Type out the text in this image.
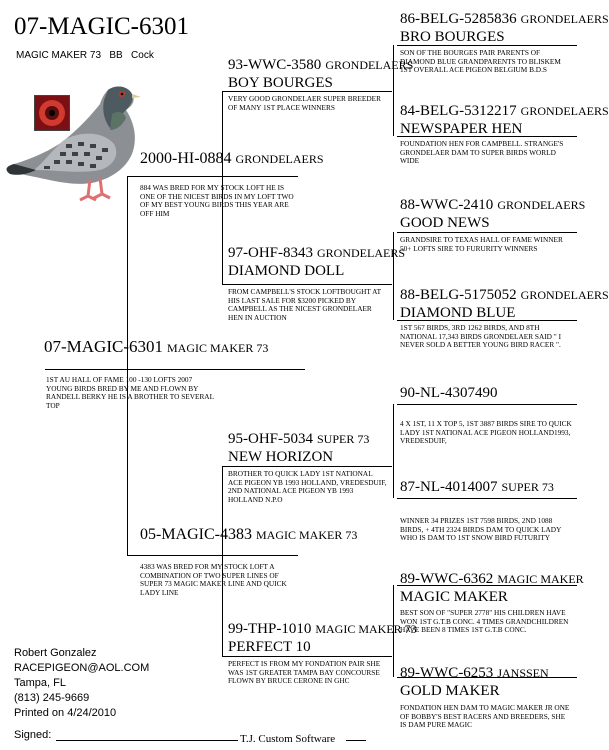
07-MAGIC-6301
MAGIC MAKER 73   BB   Cock
07-MAGIC-6301 MAGIC MAKER 73
1ST AU HALL OF FAME 100 -130 LOFTS 2007 YOUNG BIRDS BRED BY ME AND FLOWN BY RANDELL BERKY HE IS A BROTHER TO SEVERAL TOP
2000-HI-0884 GRONDELAERS
884 WAS BRED FOR MY STOCK LOFT HE IS ONE OF THE NICEST BIRDS IN MY LOFT TWO OF MY BEST YOUNG BIRDS THIS YEAR ARE OFF HIM
05-MAGIC-4383 MAGIC MAKER 73
4383 WAS BRED FOR MY STOCK LOFT A COMBINATION OF TWO SUPER LINES OF SUPER 73 MAGIC MAKER LINE AND QUICK LADY LINE
93-WWC-3580 GRONDELAERS
BOY BOURGES
VERY GOOD GRONDELAER SUPER BREEDER OF MANY 1ST PLACE WINNERS
97-OHF-8343 GRONDELAERS
DIAMOND DOLL
FROM CAMPBELL'S STOCK LOFTBOUGHT AT HIS LAST SALE FOR $3200 PICKED BY CAMPBELL AS THE NICEST GRONDELAER HEN IN AUCTION
95-OHF-5034 SUPER 73
NEW HORIZON
BROTHER TO QUICK LADY 1ST NATIONAL ACE PIGEON YB 1993 HOLLAND, VREDESDUIF, 2ND NATIONAL ACE PIGEON YB 1993 HOLLAND N.P.O
99-THP-1010 MAGIC MAKER 73
PERFECT 10
PERFECT IS FROM MY FONDATION PAIR SHE WAS 1ST GREATER TAMPA BAY CONCOURSE FLOWN BY BRUCE CERONE IN GHC
86-BELG-5285836 GRONDELAERS
BRO BOURGES
SON OF THE BOURGES PAIR PARENTS OF DIAMOND BLUE GRANDPARENTS TO BLISKEM 1ST OVERALL ACE PIGEON BELGIUM B.D.S
84-BELG-5312217 GRONDELAERS
NEWSPAPER HEN
FOUNDATION HEN FOR CAMPBELL. STRANGE'S GRONDELAER DAM TO SUPER BIRDS WORLD WIDE
88-WWC-2410 GRONDELAERS
GOOD NEWS
GRANDSIRE TO TEXAS HALL OF FAME WINNER 50+ LOFTS SIRE TO FURURITY WINNERS
88-BELG-5175052 GRONDELAERS
DIAMOND BLUE
1ST 567 BIRDS, 3RD 1262 BIRDS, AND 8TH NATIONAL 17,343 BIRDS GRONDELAER SAID " I NEVER SOLD A BETTER YOUNG BIRD RACER ".
90-NL-4307490
4 X 1ST, 11 X TOP 5, 1ST 3887 BIRDS SIRE TO QUICK LADY 1ST NATIONAL ACE PIGEON HOLLAND1993, VREDESDUIF,
87-NL-4014007 SUPER 73
WINNER 34 PRIZES 1ST 7598 BIRDS, 2ND 1088 BIRDS, + 4TH 2324 BIRDS DAM TO QUICK LADY WHO IS DAM TO 1ST SNOW BIRD FUTURITY
89-WWC-6362 MAGIC MAKER
MAGIC MAKER
BEST SON OF "SUPER 2778" HIS CHILDREN HAVE WON 1ST G.T.B CONC. 4 TIMES GRANDCHILDREN HAVE BEEN 8 TIMES 1ST G.T.B CONC.
89-WWC-6253 JANSSEN
GOLD MAKER
FONDATION HEN DAM TO MAGIC MAKER JR ONE OF BOBBY'S BEST RACERS AND BREEDERS, SHE IS DAM PURE MAGIC
Robert Gonzalez
RACEPIGEON@AOL.COM
Tampa, FL
(813) 245-9669
Printed on 4/24/2010
Signed:	T.J. Custom Software
